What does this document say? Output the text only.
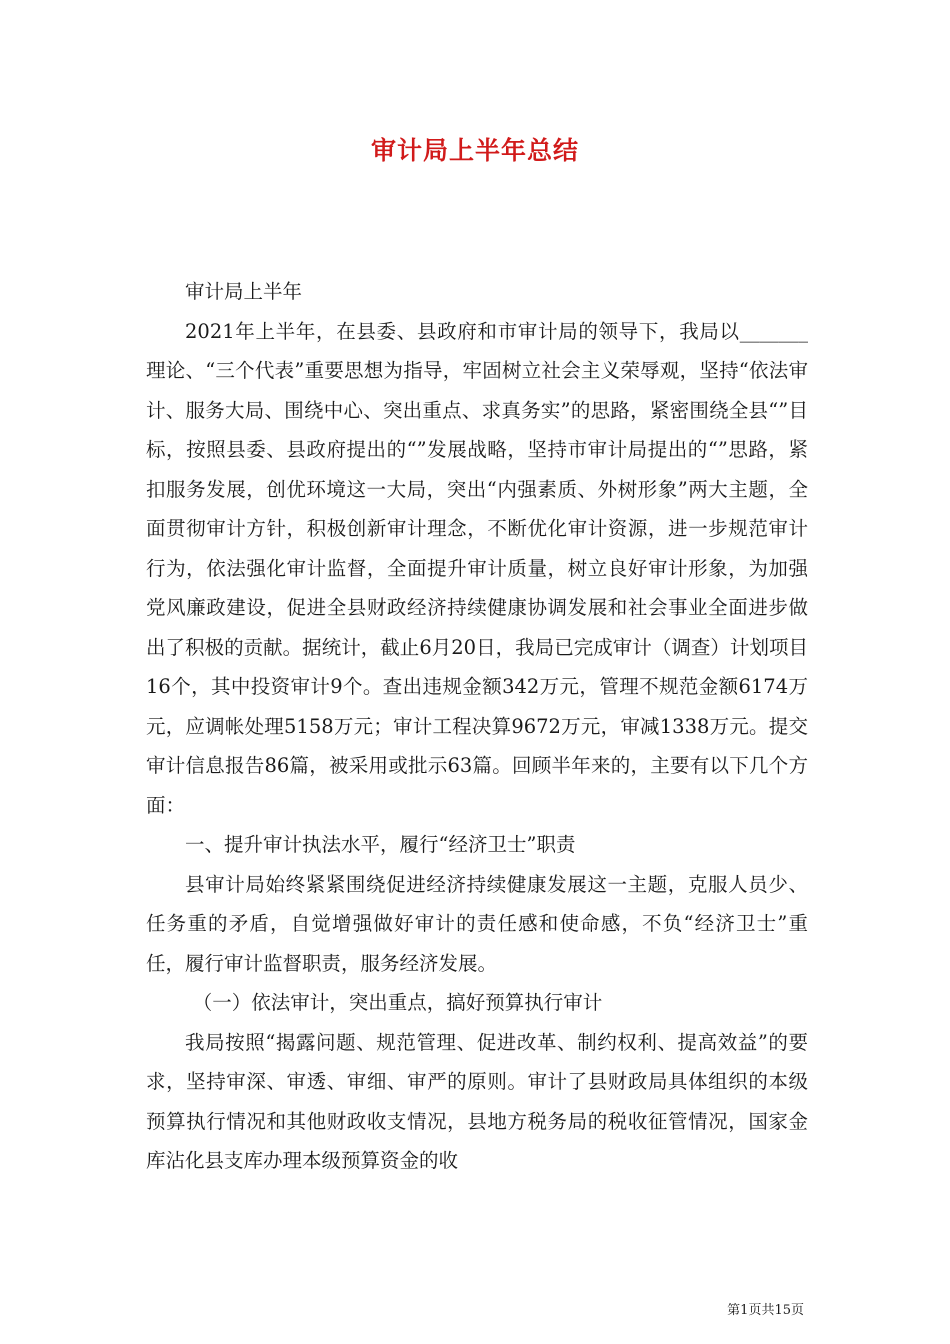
审计局上半年总结

审计局上半年

2021年上半年，在县委、县政府和市审计局的领导下，我局以_______理论、“三个代表”重要思想为指导，牢固树立社会主义荣辱观，坚持“依法审计、服务大局、围绕中心、突出重点、求真务实”的思路，紧密围绕全县“”目标，按照县委、县政府提出的“”发展战略，坚持市审计局提出的“”思路，紧扣服务发展，创优环境这一大局，突出“内强素质、外树形象”两大主题，全面贯彻审计方针，积极创新审计理念，不断优化审计资源，进一步规范审计行为，依法强化审计监督，全面提升审计质量，树立良好审计形象，为加强党风廉政建设，促进全县财政经济持续健康协调发展和社会事业全面进步做出了积极的贡献。据统计，截止6月20日，我局已完成审计（调查）计划项目16个，其中投资审计9个。查出违规金额342万元，管理不规范金额6174万元，应调帐处理5158万元；审计工程决算9672万元，审减1338万元。提交审计信息报告86篇，被采用或批示63篇。回顾半年来的，主要有以下几个方面：

一、提升审计执法水平，履行“经济卫士”职责

县审计局始终紧紧围绕促进经济持续健康发展这一主题，克服人员少、任务重的矛盾，自觉增强做好审计的责任感和使命感，不负“经济卫士”重任，履行审计监督职责，服务经济发展。

（一）依法审计，突出重点，搞好预算执行审计

我局按照“揭露问题、规范管理、促进改革、制约权利、提高效益”的要求，坚持审深、审透、审细、审严的原则。审计了县财政局具体组织的本级预算执行情况和其他财政收支情况，县地方税务局的税收征管情况，国家金库沾化县支库办理本级预算资金的收

第1页共15页
